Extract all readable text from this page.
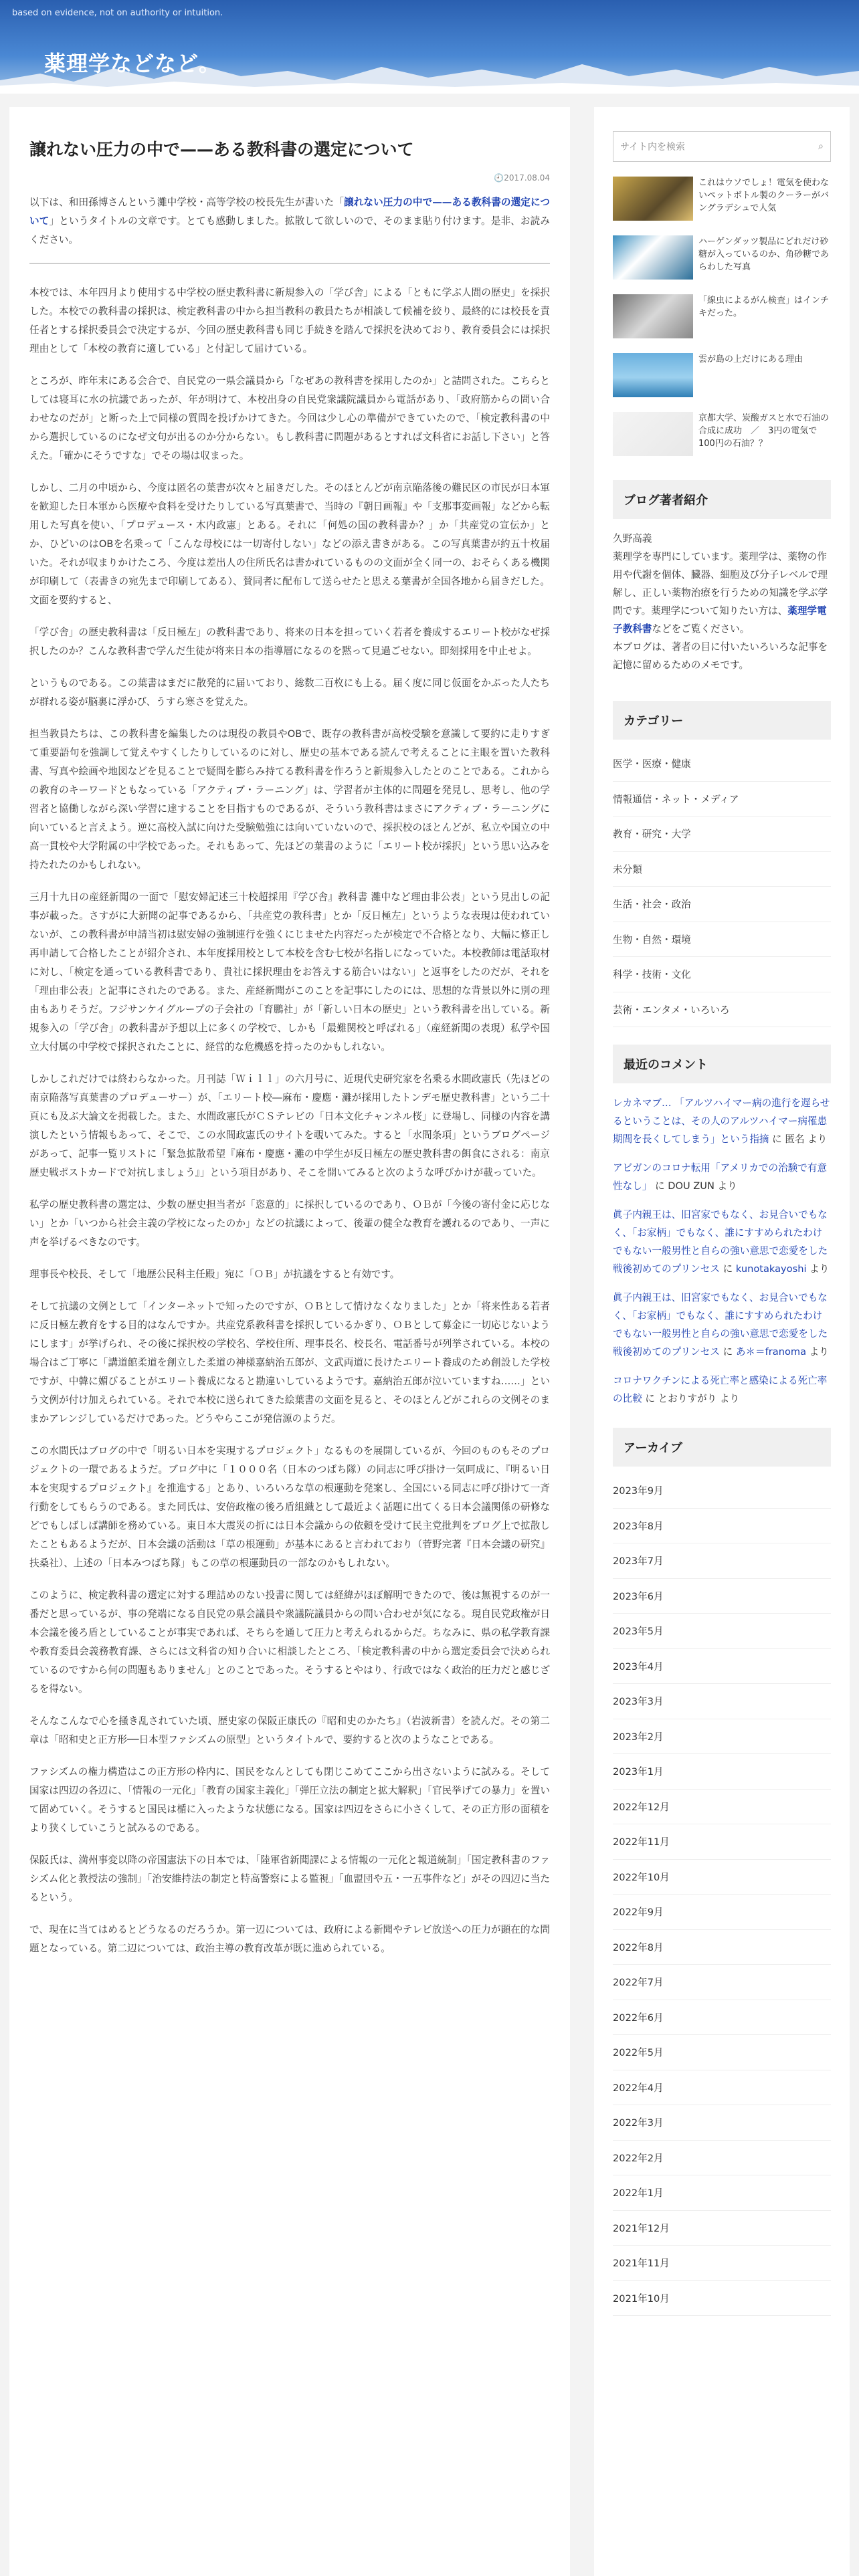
based on evidence, not on authority or intuition.
薬理学などなど。
譲れない圧力の中で——ある教科書の選定について
🕘2017.08.04

以下は、和田孫博さんという灘中学校・高等学校の校長先生が書いた「譲れない圧力の中で——ある教科書の選定について」というタイトルの文章です。とても感動しました。拡散して欲しいので、そのまま貼り付けます。是非、お読みください。

本校では、本年四月より使用する中学校の歴史教科書に新規参入の「学び舎」による「ともに学ぶ人間の歴史」を採択した。本校での教科書の採択は、検定教科書の中から担当教科の教員たちが相談して候補を絞り、最終的には校長を責任者とする採択委員会で決定するが、今回の歴史教科書も同じ手続きを踏んで採択を決めており、教育委員会には採択理由として「本校の教育に適している」と付記して届けている。

ところが、昨年末にある会合で、自民党の一県会議員から「なぜあの教科書を採用したのか」と詰問された。こちらとしては寝耳に水の抗議であったが、年が明けて、本校出身の自民党衆議院議員から電話があり、「政府筋からの問い合わせなのだが」と断った上で同様の質問を投げかけてきた。今回は少し心の準備ができていたので、「検定教科書の中から選択しているのになぜ文句が出るのか分からない。もし教科書に問題があるとすれば文科省にお話し下さい」と答えた。「確かにそうですな」でその場は収まった。

しかし、二月の中頃から、今度は匿名の葉書が次々と届きだした。そのほとんどが南京陥落後の難民区の市民が日本軍を歓迎した日本軍から医療や食料を受けたりしている写真葉書で、当時の『朝日画報』や「支那事変画報」などから転用した写真を使い、「プロデュース・木内政憲」とある。それに「何処の国の教科書か？」か「共産党の宣伝か」とか、ひどいのはOBを名乗って「こんな母校には一切寄付しない」などの添え書きがある。この写真葉書が約五十枚届いた。それが収まりかけたころ、今度は差出人の住所氏名は書かれているものの文面が全く同一の、おそらくある機関が印刷して（表書きの宛先まで印刷してある）、賛同者に配布して送らせたと思える葉書が全国各地から届きだした。文面を要約すると、

「学び舎」の歴史教科書は「反日極左」の教科書であり、将来の日本を担っていく若者を養成するエリート校がなぜ採択したのか？こんな教科書で学んだ生徒が将来日本の指導層になるのを黙って見過ごせない。即刻採用を中止せよ。

というものである。この葉書はまだに散発的に届いており、総数二百枚にも上る。届く度に同じ仮面をかぶった人たちが群れる姿が脳裏に浮かび、うすら寒さを覚えた。

担当教員たちは、この教科書を編集したのは現役の教員やOBで、既存の教科書が高校受験を意識して要約に走りすぎて重要語句を強調して覚えやすくしたりしているのに対し、歴史の基本である読んで考えることに主眼を置いた教科書、写真や絵画や地図などを見ることで疑問を膨らみ持てる教科書を作ろうと新規参入したとのことである。これからの教育のキーワードともなっている「アクティブ・ラーニング」は、学習者が主体的に問題を発見し、思考し、他の学習者と協働しながら深い学習に達することを目指すものであるが、そういう教科書はまさにアクティブ・ラーニングに向いていると言えよう。逆に高校入試に向けた受験勉強には向いていないので、採択校のほとんどが、私立や国立の中高一貫校や大学附属の中学校であった。それもあって、先ほどの葉書のように「エリート校が採択」という思い込みを持たれたのかもしれない。

三月十九日の産経新聞の一面で「慰安婦記述三十校超採用『学び舎』教科書 灘中など理由非公表」という見出しの記事が載った。さすがに大新聞の記事であるから、「共産党の教科書」とか「反日極左」というような表現は使われていないが、この教科書が申請当初は慰安婦の強制連行を強くにじませた内容だったが検定で不合格となり、大幅に修正し再申請して合格したことが紹介され、本年度採用校として本校を含む七校が名指しになっていた。本校教師は電話取材に対し、「検定を通っている教科書であり、貴社に採択理由をお答えする筋合いはない」と返事をしたのだが、それを「理由非公表」と記事にされたのである。また、産経新聞がこのことを記事にしたのには、思想的な背景以外に別の理由もありそうだ。フジサンケイグループの子会社の「育鵬社」が「新しい日本の歴史」という教科書を出している。新規参入の「学び舎」の教科書が予想以上に多くの学校で、しかも「最難関校と呼ばれる」（産経新聞の表現）私学や国立大付属の中学校で採択されたことに、経営的な危機感を持ったのかもしれない。

しかしこれだけでは終わらなかった。月刊誌「Ｗｉｌｌ」の六月号に、近現代史研究家を名乗る水間政憲氏（先ほどの南京陥落写真葉書のプロデューサー）が、「エリート校―麻布・慶應・灘が採用したトンデモ歴史教科書」という二十頁にも及ぶ大論文を掲載した。また、水間政憲氏がＣＳテレビの「日本文化チャンネル桜」に登場し、同様の内容を講演したという情報もあって、そこで、この水間政憲氏のサイトを覗いてみた。すると「水間条項」というブログページがあって、記事一覧リストに「緊急拡散希望『麻布・慶應・灘の中学生が反日極左の歴史教科書の餌食にされる：南京歴史戦ポストカードで対抗しましょう』」という項目があり、そこを開いてみると次のような呼びかけが載っていた。

私学の歴史教科書の選定は、少数の歴史担当者が「恣意的」に採択しているのであり、ＯＢが「今後の寄付金に応じない」とか「いつから社会主義の学校になったのか」などの抗議によって、後輩の健全な教育を護れるのであり、一声に声を挙げるべきなのです。

理事長や校長、そして「地歴公民科主任殿」宛に「ＯＢ」が抗議をすると有効です。

そして抗議の文例として「インターネットで知ったのですが、ＯＢとして情けなくなりました」とか「将来性ある若者に反日極左教育をする目的はなんですか。共産党系教科書を採択しているかぎり、ＯＢとして募金に一切応じないようにします」が挙げられ、その後に採択校の学校名、学校住所、理事長名、校長名、電話番号が列挙されている。本校の場合はご丁寧に「講道館柔道を創立した柔道の神様嘉納治五郎が、文武両道に長けたエリート養成のため創設した学校ですが、中韓に媚びることがエリート養成になると勘違いしているようです。嘉納治五郎が泣いていますね……」という文例が付け加えられている。それで本校に送られてきた絵葉書の文面を見ると、そのほとんどがこれらの文例そのままかアレンジしているだけであった。どうやらここが発信源のようだ。

この水間氏はブログの中で「明るい日本を実現するプロジェクト」なるものを展開しているが、今回のものもそのプロジェクトの一環であるようだ。ブログ中に「１０００名（日本のつばち隊）の同志に呼び掛け一気呵成に、『明るい日本を実現するプロジェクト』を推進する」とあり、いろいろな草の根運動を発案し、全国にいる同志に呼び掛けて一斉行動をしてもらうのである。また同氏は、安倍政権の後ろ盾組織として最近よく話題に出てくる日本会議関係の研修などでもしばしば講師を務めている。東日本大震災の折には日本会議からの依頼を受けて民主党批判をブログ上で拡散したこともあるようだが、日本会議の活動は「草の根運動」が基本にあると言われており（菅野完著『日本会議の研究』扶桑社）、上述の「日本みつばち隊」もこの草の根運動員の一部なのかもしれない。

このように、検定教科書の選定に対する理詰めのない投書に関しては経緯がほぼ解明できたので、後は無視するのが一番だと思っているが、事の発端になる自民党の県会議員や衆議院議員からの問い合わせが気になる。現自民党政権が日本会議を後ろ盾としていることが事実であれば、そちらを通して圧力と考えられるからだ。ちなみに、県の私学教育課や教育委員会義務教育課、さらには文科省の知り合いに相談したところ、「検定教科書の中から選定委員会で決められているのですから何の問題もありません」とのことであった。そうするとやはり、行政ではなく政治的圧力だと感じざるを得ない。

そんなこんなで心を掻き乱されていた頃、歴史家の保阪正康氏の『昭和史のかたち』（岩波新書）を読んだ。その第二章は「昭和史と正方形──日本型ファシズムの原型」というタイトルで、要約すると次のようなことである。

ファシズムの権力構造はこの正方形の枠内に、国民をなんとしても閉じこめてここから出さないように試みる。そして国家は四辺の各辺に、「情報の一元化」「教育の国家主義化」「弾圧立法の制定と拡大解釈」「官民挙げての暴力」を置いて固めていく。そうすると国民は楯に入ったような状態になる。国家は四辺をさらに小さくして、その正方形の面積をより狭くしていこうと試みるのである。

保阪氏は、満州事変以降の帝国憲法下の日本では、「陸軍省新聞課による情報の一元化と報道統制」「国定教科書のファシズム化と教授法の強制」「治安維持法の制定と特高警察による監視」「血盟団や五・一五事件など」がその四辺に当たるという。

で、現在に当てはめるとどうなるのだろうか。第一辺については、政府による新聞やテレビ放送への圧力が顕在的な問題となっている。第二辺については、政治主導の教育改革が既に進められている。

サイト内を検索	⌕
これはウソでしょ！電気を使わないペットボトル製のクーラーがバングラデシュで人気
ハーゲンダッツ製品にどれだけ砂糖が入っているのか、角砂糖であらわした写真
「線虫によるがん検査」はインチキだった。
雲が島の上だけにある理由
京都大学、炭酸ガスと水で石油の合成に成功　／　3円の電気で100円の石油？？
ブログ著者紹介
久野高義
薬理学を専門にしています。薬理学は、薬物の作用や代謝を個体、臓器、細胞及び分子レベルで理解し、正しい薬物治療を行うための知識を学ぶ学問です。薬理学について知りたい方は、薬理学電子教科書などをご覧ください。
本ブログは、著者の目に付いたいろいろな記事を記憶に留めるためのメモです。
カテゴリー
医学・医療・健康
情報通信・ネット・メディア
教育・研究・大学
未分類
生活・社会・政治
生物・自然・環境
科学・技術・文化
芸術・エンタメ・いろいろ
最近のコメント
レカネマブ… 「アルツハイマー病の進行を遅らせるということは、その人のアルツハイマー病罹患期間を長くしてしまう」という指摘 に 匿名 より
アビガンのコロナ転用「アメリカでの治験で有意性なし」 に DOU ZUN より
眞子内親王は、旧宮家でもなく、お見合いでもなく、「お家柄」でもなく、誰にすすめられたわけでもない一般男性と自らの強い意思で恋愛をした戦後初めてのプリンセス に kunotakayoshi より
眞子内親王は、旧宮家でもなく、お見合いでもなく、「お家柄」でもなく、誰にすすめられたわけでもない一般男性と自らの強い意思で恋愛をした戦後初めてのプリンセス に あ＊＝franoma より
コロナワクチンによる死亡率と感染による死亡率の比較 に とおりすがり より
アーカイブ
2023年9月
2023年8月
2023年7月
2023年6月
2023年5月
2023年4月
2023年3月
2023年2月
2023年1月
2022年12月
2022年11月
2022年10月
2022年9月
2022年8月
2022年7月
2022年6月
2022年5月
2022年4月
2022年3月
2022年2月
2022年1月
2021年12月
2021年11月
2021年10月
